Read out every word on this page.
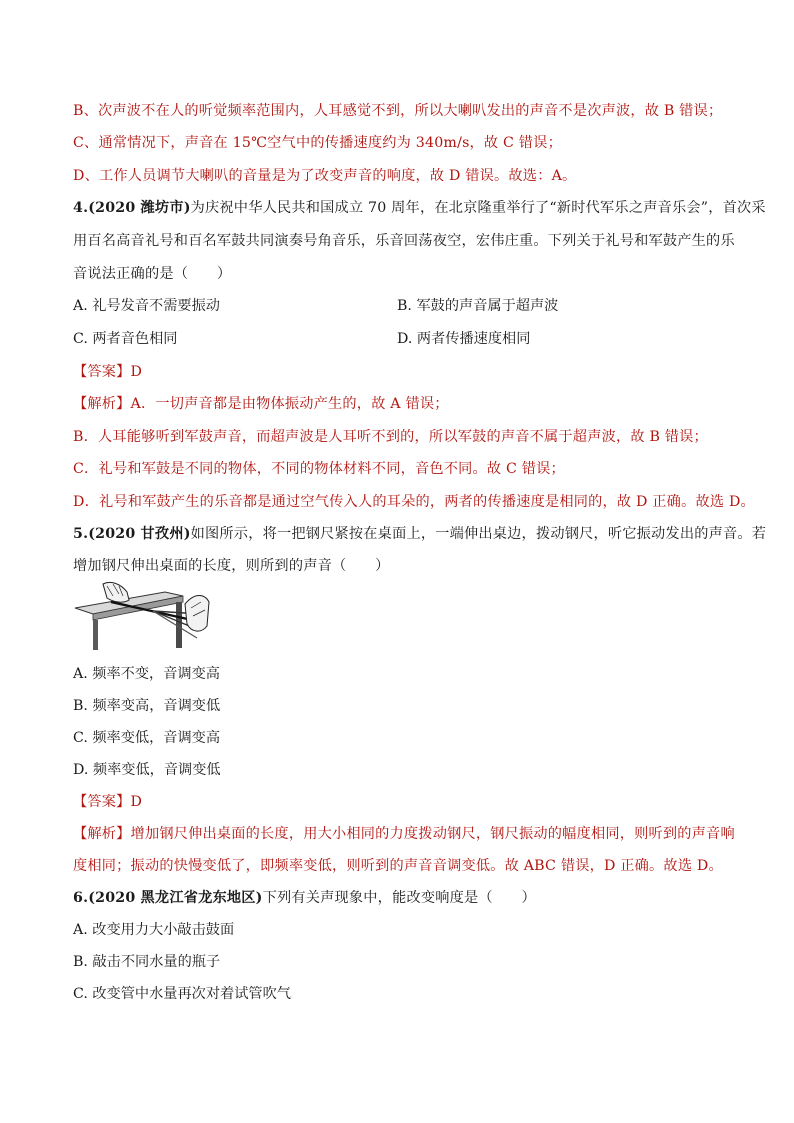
B、次声波不在人的听觉频率范围内，人耳感觉不到，所以大喇叭发出的声音不是次声波，故 B 错误；
C、通常情况下，声音在 15℃空气中的传播速度约为 340m/s，故 C 错误；
D、工作人员调节大喇叭的音量是为了改变声音的响度，故 D 错误。故选：A。
4.(2020 潍坊市)为庆祝中华人民共和国成立 70 周年，在北京隆重举行了“新时代军乐之声音乐会”，首次采
用百名高音礼号和百名军鼓共同演奏号角音乐，乐音回荡夜空，宏伟庄重。下列关于礼号和军鼓产生的乐
音说法正确的是（　　）
A. 礼号发音不需要振动	B. 军鼓的声音属于超声波
C. 两者音色相同	D. 两者传播速度相同
【答案】D
【解析】A．一切声音都是由物体振动产生的，故 A 错误；
B．人耳能够听到军鼓声音，而超声波是人耳听不到的，所以军鼓的声音不属于超声波，故 B 错误；
C．礼号和军鼓是不同的物体，不同的物体材料不同，音色不同。故 C 错误；
D．礼号和军鼓产生的乐音都是通过空气传入人的耳朵的，两者的传播速度是相同的，故 D 正确。故选 D。
5.(2020 甘孜州)如图所示，将一把钢尺紧按在桌面上，一端伸出桌边，拨动钢尺，听它振动发出的声音。若
增加钢尺伸出桌面的长度，则所到的声音（　　）
A. 频率不变，音调变高
B. 频率变高，音调变低
C. 频率变低，音调变高
D. 频率变低，音调变低
【答案】D
【解析】增加钢尺伸出桌面的长度，用大小相同的力度拨动钢尺，钢尺振动的幅度相同，则听到的声音响
度相同；振动的快慢变低了，即频率变低，则听到的声音音调变低。故 ABC 错误，D 正确。故选 D。
6.(2020 黑龙江省龙东地区)下列有关声现象中，能改变响度是（　　）
A. 改变用力大小敲击鼓面
B. 敲击不同水量的瓶子
C. 改变管中水量再次对着试管吹气
